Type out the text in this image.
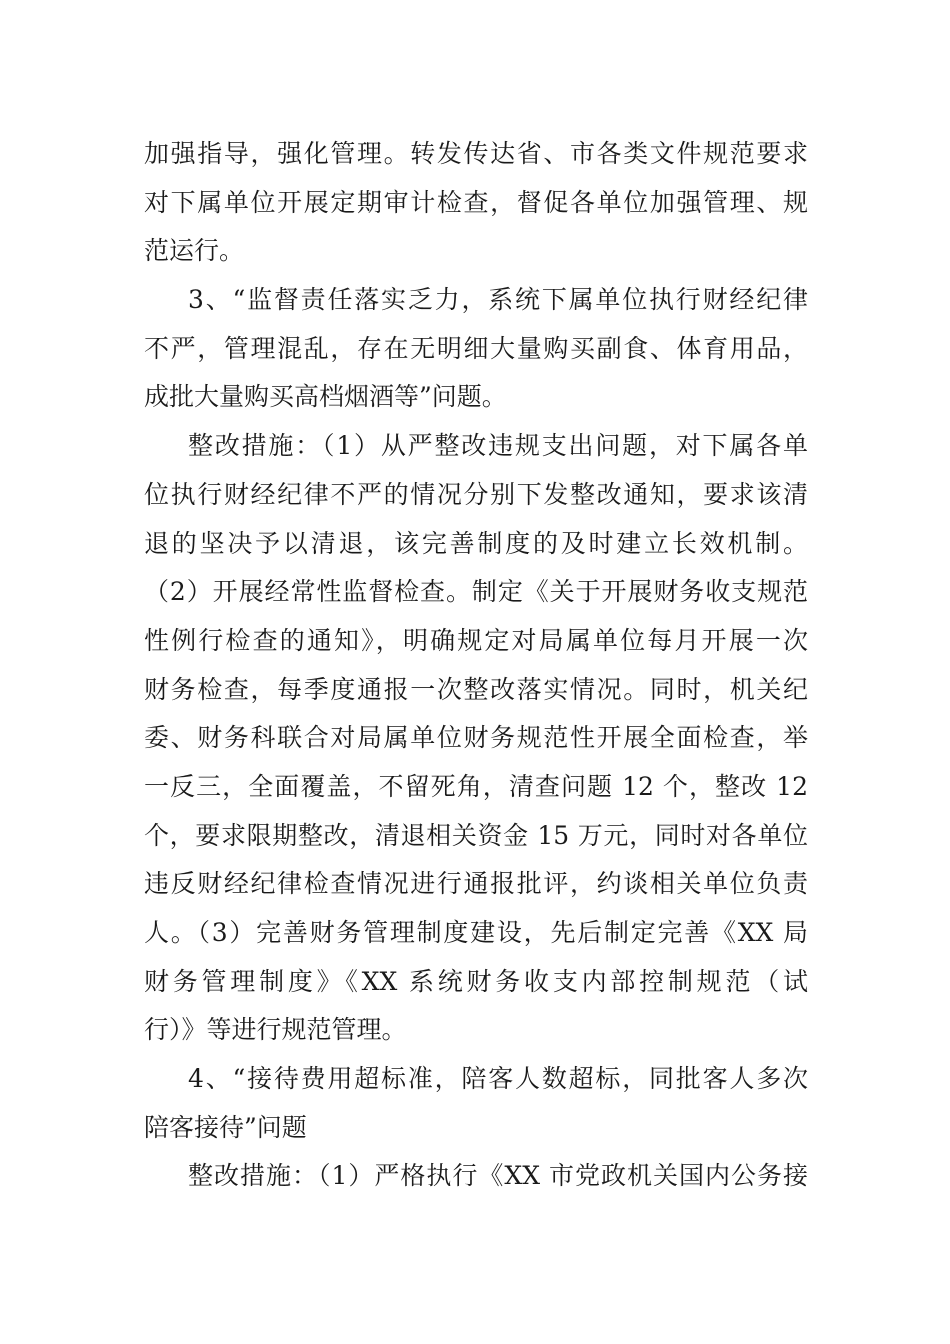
加强指导，强化管理。转发传达省、市各类文件规范要求
对下属单位开展定期审计检查，督促各单位加强管理、规
范运行。
3、“监督责任落实乏力，系统下属单位执行财经纪律
不严，管理混乱，存在无明细大量购买副食、体育用品，
成批大量购买高档烟酒等”问题。
整改措施：（1）从严整改违规支出问题，对下属各单
位执行财经纪律不严的情况分别下发整改通知，要求该清
退的坚决予以清退，该完善制度的及时建立长效机制。
（2）开展经常性监督检查。制定《关于开展财务收支规范
性例行检查的通知》，明确规定对局属单位每月开展一次
财务检查，每季度通报一次整改落实情况。同时，机关纪
委、财务科联合对局属单位财务规范性开展全面检查，举
一反三，全面覆盖，不留死角，清查问题 12 个，整改 12
个，要求限期整改，清退相关资金 15 万元，同时对各单位
违反财经纪律检查情况进行通报批评，约谈相关单位负责
人。（3）完善财务管理制度建设，先后制定完善《XX 局
财务管理制度》《XX 系统财务收支内部控制规范（试
行）》等进行规范管理。
4、“接待费用超标准，陪客人数超标，同批客人多次
陪客接待”问题
整改措施：（1）严格执行《XX 市党政机关国内公务接
